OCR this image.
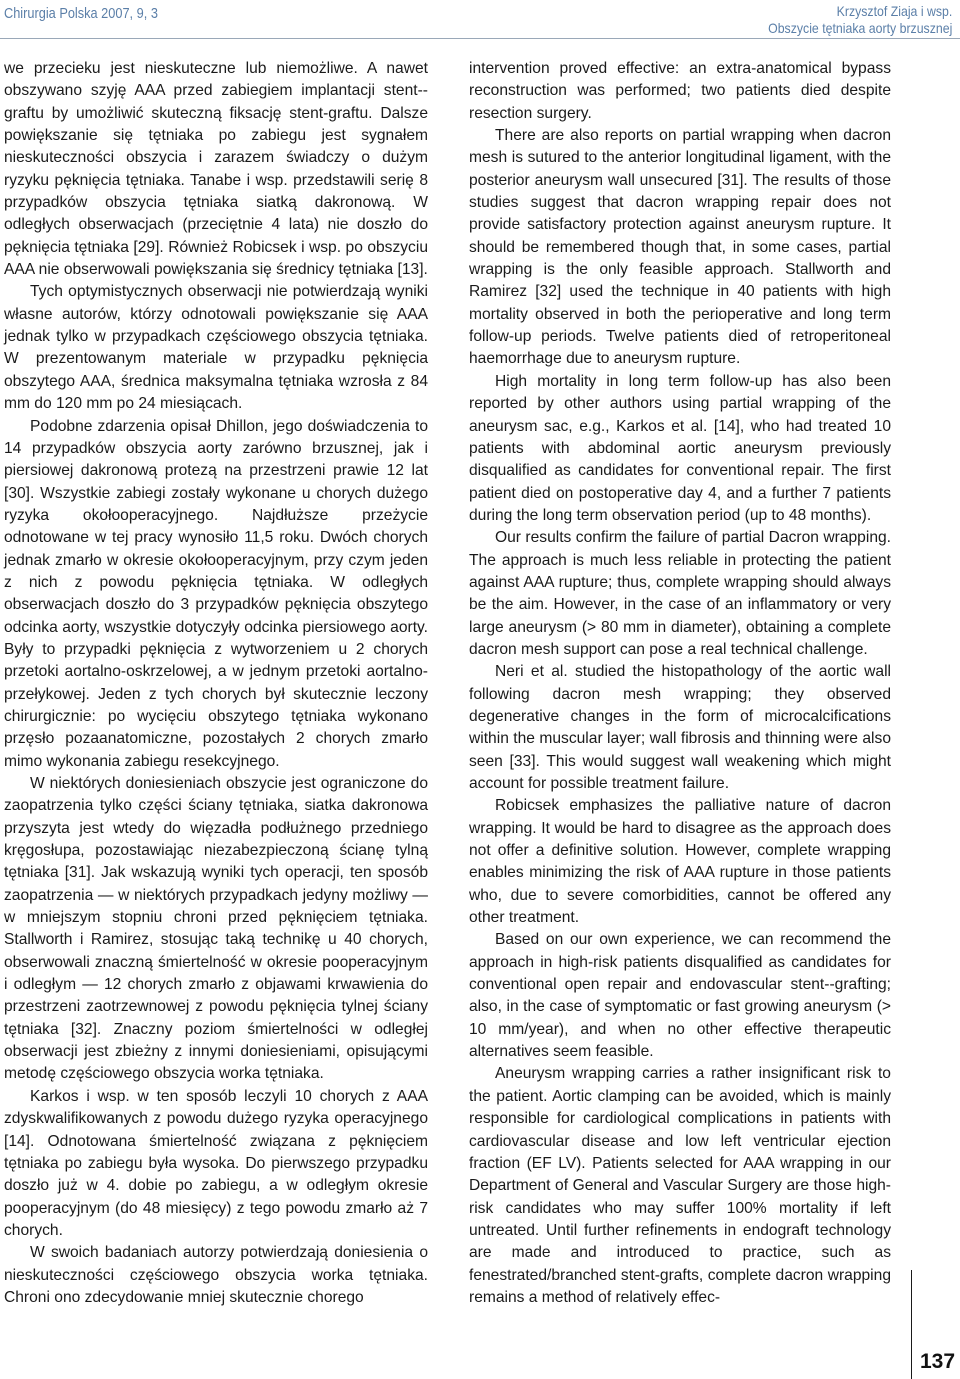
Chirurgia Polska 2007, 9, 3	Krzysztof Ziaja i wsp.
Obszycie tętniaka aorty brzusznej

we przecieku jest nieskuteczne lub niemożliwe. A nawet obszywano szyję AAA przed zabiegiem implantacji stent--graftu by umożliwić skuteczną fiksację stent-graftu. Dalsze powiększanie się tętniaka po zabiegu jest sygnałem nieskuteczności obszycia i zarazem świadczy o dużym ryzyku pęknięcia tętniaka. Tanabe i wsp. przedstawili serię 8 przypadków obszycia tętniaka siatką dakronową. W odległych obserwacjach (przeciętnie 4 lata) nie doszło do pęknięcia tętniaka [29]. Również Robicsek i wsp. po obszyciu AAA nie obserwowali powiększania się średnicy tętniaka [13].

Tych optymistycznych obserwacji nie potwierdzają wyniki własne autorów, którzy odnotowali powiększanie się AAA jednak tylko w przypadkach częściowego obszycia tętniaka. W prezentowanym materiale w przypadku pęknięcia obszytego AAA, średnica maksymalna tętniaka wzrosła z 84 mm do 120 mm po 24 miesiącach.

Podobne zdarzenia opisał Dhillon, jego doświadczenia to 14 przypadków obszycia aorty zarówno brzusznej, jak i piersiowej dakronową protezą na przestrzeni prawie 12 lat [30]. Wszystkie zabiegi zostały wykonane u chorych dużego ryzyka okołooperacyjnego. Najdłuższe przeżycie odnotowane w tej pracy wynosiło 11,5 roku. Dwóch chorych jednak zmarło w okresie okołooperacyjnym, przy czym jeden z nich z powodu pęknięcia tętniaka. W odległych obserwacjach doszło do 3 przypadków pęknięcia obszytego odcinka aorty, wszystkie dotyczyły odcinka piersiowego aorty. Były to przypadki pęknięcia z wytworzeniem u 2 chorych przetoki aortalno-oskrzelowej, a w jednym przetoki aortalno-przełykowej. Jeden z tych chorych był skutecznie leczony chirurgicznie: po wycięciu obszytego tętniaka wykonano przęsło pozaanatomiczne, pozostałych 2 chorych zmarło mimo wykonania zabiegu resekcyjnego.

W niektórych doniesieniach obszycie jest ograniczone do zaopatrzenia tylko części ściany tętniaka, siatka dakronowa przyszyta jest wtedy do więzadła podłużnego przedniego kręgosłupa, pozostawiając niezabezpieczoną ścianę tylną tętniaka [31]. Jak wskazują wyniki tych operacji, ten sposób zaopatrzenia — w niektórych przypadkach jedyny możliwy — w mniejszym stopniu chroni przed pęknięciem tętniaka. Stallworth i Ramirez, stosując taką technikę u 40 chorych, obserwowali znaczną śmiertelność w okresie pooperacyjnym i odległym — 12 chorych zmarło z objawami krwawienia do przestrzeni zaotrzewnowej z powodu pęknięcia tylnej ściany tętniaka [32]. Znaczny poziom śmiertelności w odległej obserwacji jest zbieżny z innymi doniesieniami, opisującymi metodę częściowego obszycia worka tętniaka.

Karkos i wsp. w ten sposób leczyli 10 chorych z AAA zdyskwalifikowanych z powodu dużego ryzyka operacyjnego [14]. Odnotowana śmiertelność związana z pęknięciem tętniaka po zabiegu była wysoka. Do pierwszego przypadku doszło już w 4. dobie po zabiegu, a w odległym okresie pooperacyjnym (do 48 miesięcy) z tego powodu zmarło aż 7 chorych.

W swoich badaniach autorzy potwierdzają doniesienia o nieskuteczności częściowego obszycia worka tętniaka. Chroni ono zdecydowanie mniej skutecznie chorego

intervention proved effective: an extra-anatomical bypass reconstruction was performed; two patients died despite resection surgery.

There are also reports on partial wrapping when dacron mesh is sutured to the anterior longitudinal ligament, with the posterior aneurysm wall unsecured [31]. The results of those studies suggest that dacron wrapping repair does not provide satisfactory protection against aneurysm rupture. It should be remembered though that, in some cases, partial wrapping is the only feasible approach. Stallworth and Ramirez [32] used the technique in 40 patients with high mortality observed in both the perioperative and long term follow-up periods. Twelve patients died of retroperitoneal haemorrhage due to aneurysm rupture.

High mortality in long term follow-up has also been reported by other authors using partial wrapping of the aneurysm sac, e.g., Karkos et al. [14], who had treated 10 patients with abdominal aortic aneurysm previously disqualified as candidates for conventional repair. The first patient died on postoperative day 4, and a further 7 patients during the long term observation period (up to 48 months).

Our results confirm the failure of partial Dacron wrapping. The approach is much less reliable in protecting the patient against AAA rupture; thus, complete wrapping should always be the aim. However, in the case of an inflammatory or very large aneurysm (> 80 mm in diameter), obtaining a complete dacron mesh support can pose a real technical challenge.

Neri et al. studied the histopathology of the aortic wall following dacron mesh wrapping; they observed degenerative changes in the form of microcalcifications within the muscular layer; wall fibrosis and thinning were also seen [33]. This would suggest wall weakening which might account for possible treatment failure.

Robicsek emphasizes the palliative nature of dacron wrapping. It would be hard to disagree as the approach does not offer a definitive solution. However, complete wrapping enables minimizing the risk of AAA rupture in those patients who, due to severe comorbidities, cannot be offered any other treatment.

Based on our own experience, we can recommend the approach in high-risk patients disqualified as candidates for conventional open repair and endovascular stent--grafting; also, in the case of symptomatic or fast growing aneurysm (> 10 mm/year), and when no other effective therapeutic alternatives seem feasible.

Aneurysm wrapping carries a rather insignificant risk to the patient. Aortic clamping can be avoided, which is mainly responsible for cardiological complications in patients with cardiovascular disease and low left ventricular ejection fraction (EF LV). Patients selected for AAA wrapping in our Department of General and Vascular Surgery are those high-risk candidates who may suffer 100% mortality if left untreated. Until further refinements in endograft technology are made and introduced to practice, such as fenestrated/branched stent-grafts, complete dacron wrapping remains a method of relatively effec-

137
